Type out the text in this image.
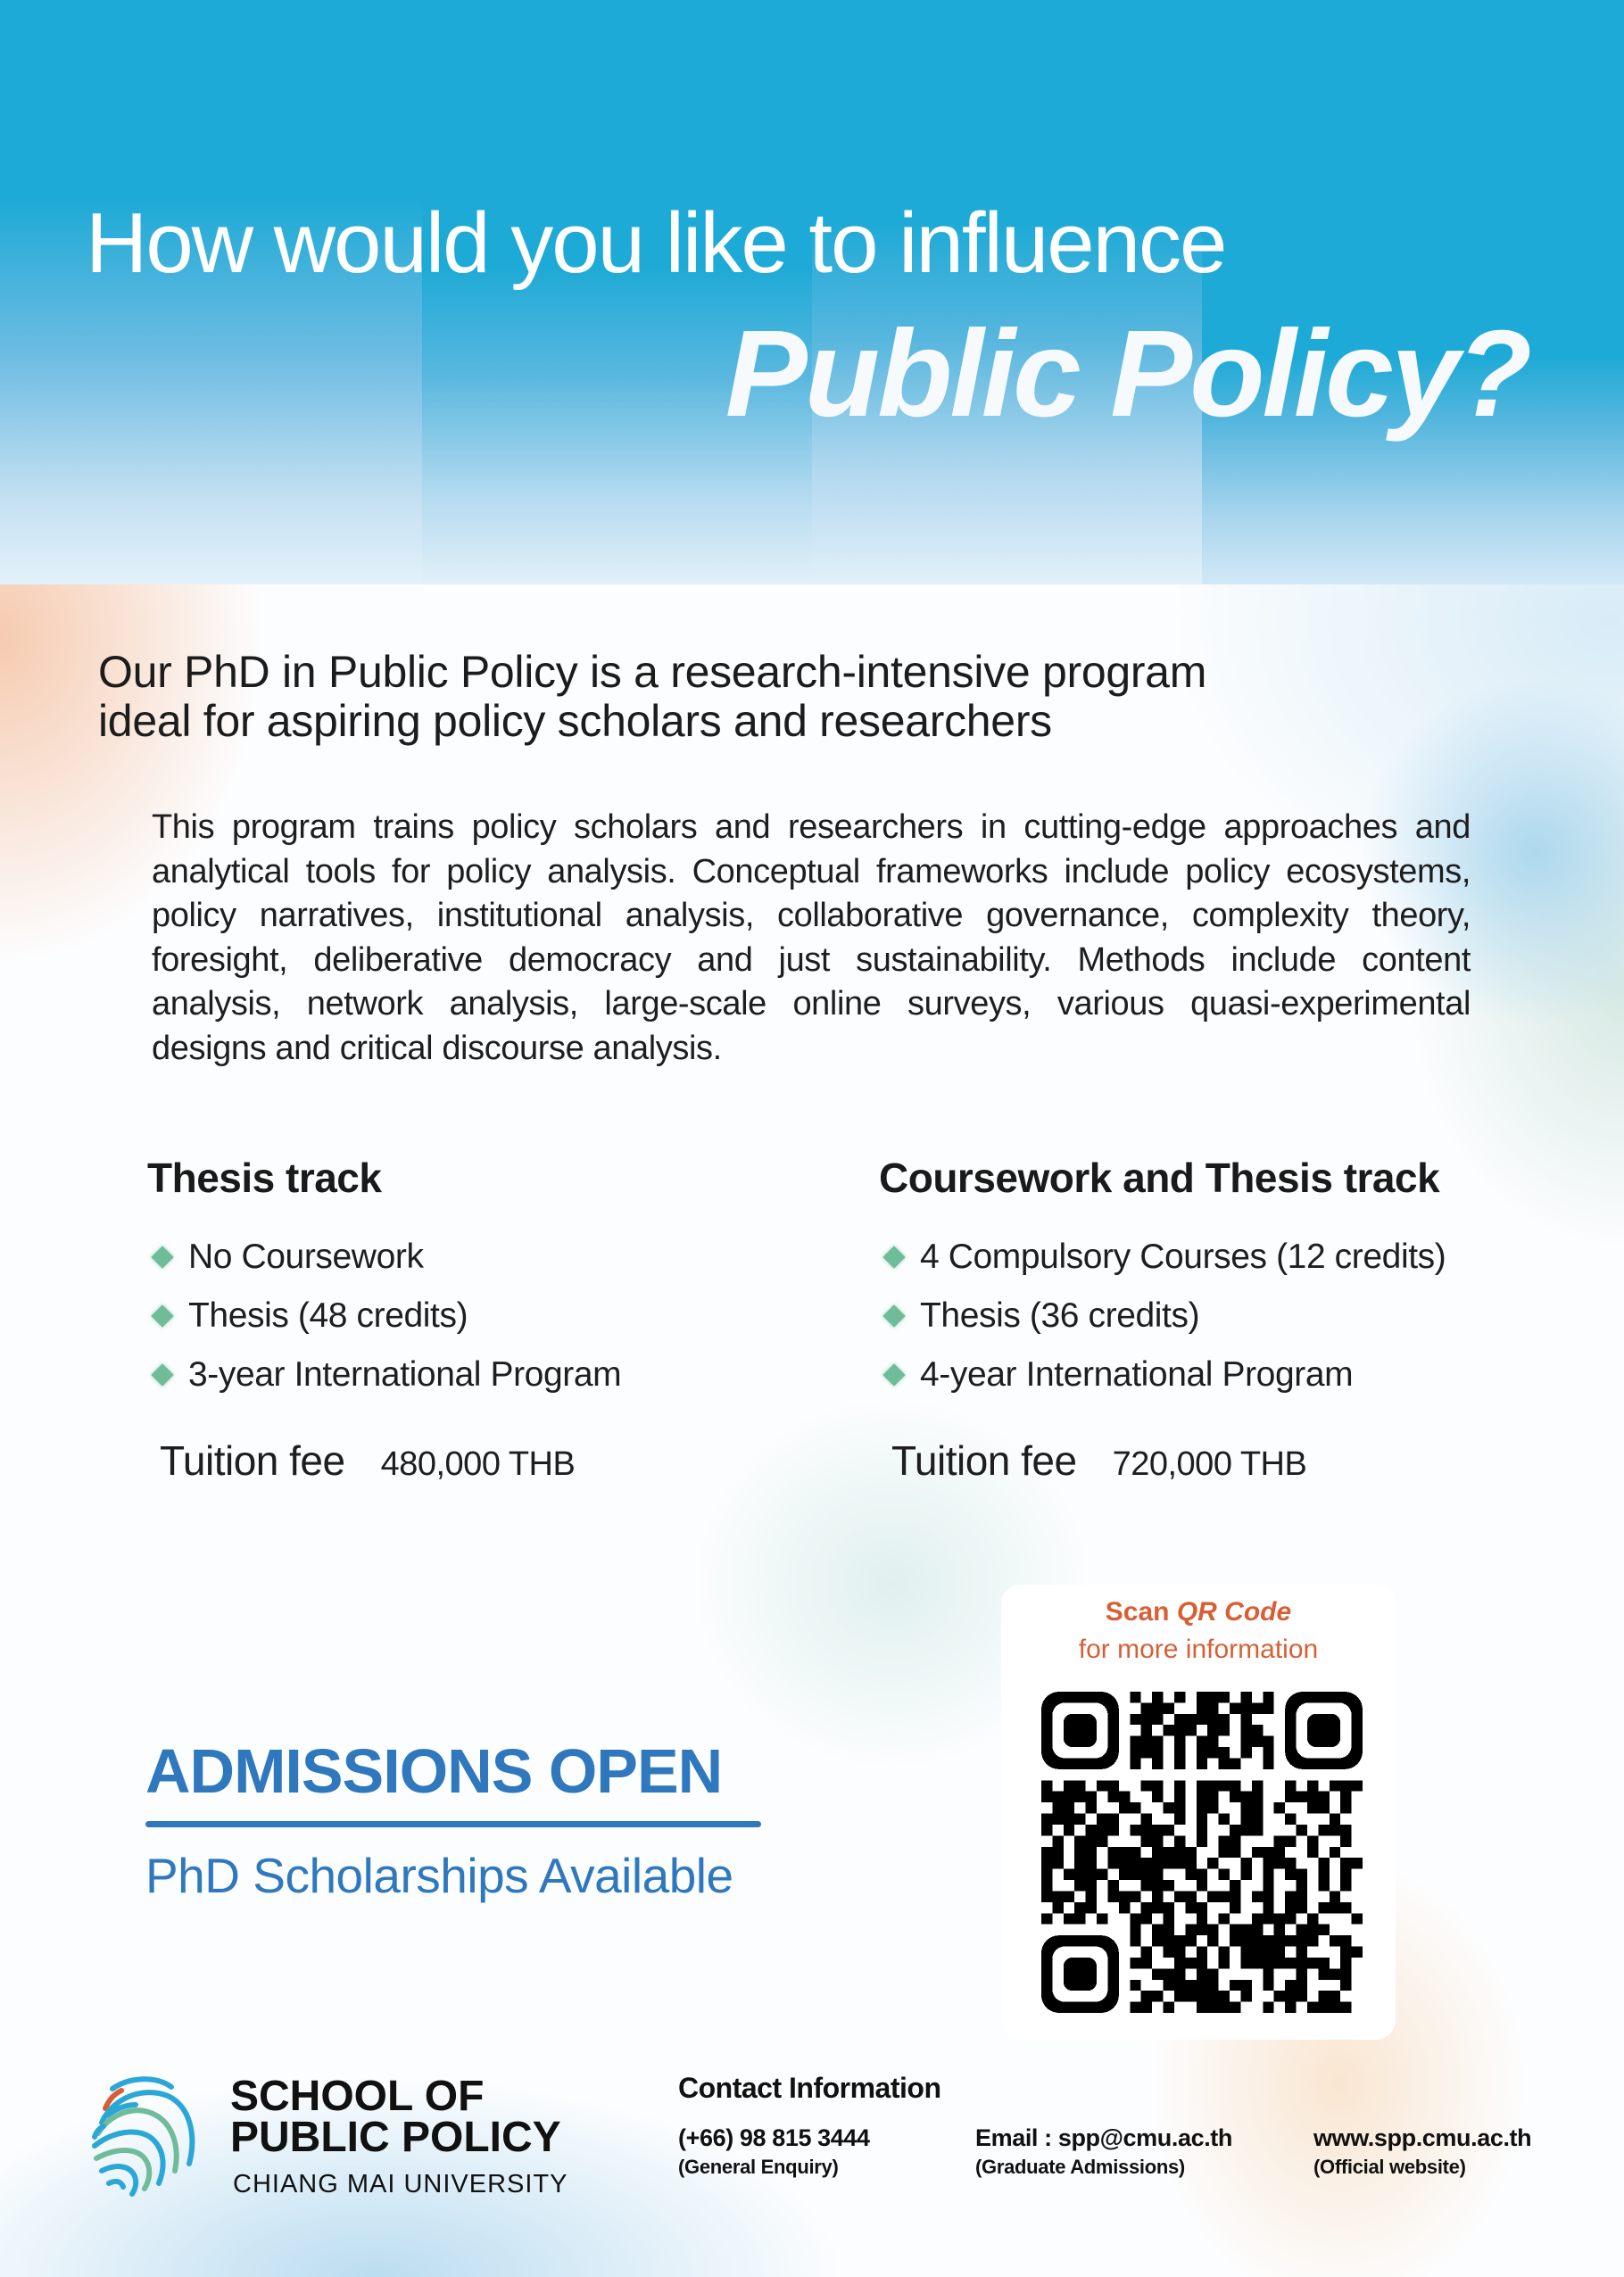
How would you like to influence
Public Policy?
Our PhD in Public Policy is a research-intensive program
ideal for aspiring policy scholars and researchers

This program trains policy scholars and researchers in cutting-edge approaches and analytical tools for policy analysis. Conceptual frameworks include policy ecosystems, policy narratives, institutional analysis, collaborative governance, complexity theory, foresight, deliberative democracy and just sustainability. Methods include content analysis, network analysis, large-scale online surveys, various quasi-experimental designs and critical discourse analysis.

Thesis track
No Coursework
Thesis (48 credits)
3-year International Program
Tuition fee 480,000 THB
Coursework and Thesis track
4 Compulsory Courses (12 credits)
Thesis (36 credits)
4-year International Program
Tuition fee 720,000 THB
ADMISSIONS OPEN
PhD Scholarships Available
Scan QR Code
for more information
SCHOOL OF
PUBLIC POLICY
CHIANG MAI UNIVERSITY
Contact Information
(+66) 98 815 3444
(General Enquiry)
Email : spp@cmu.ac.th
(Graduate Admissions)
www.spp.cmu.ac.th
(Official website)
